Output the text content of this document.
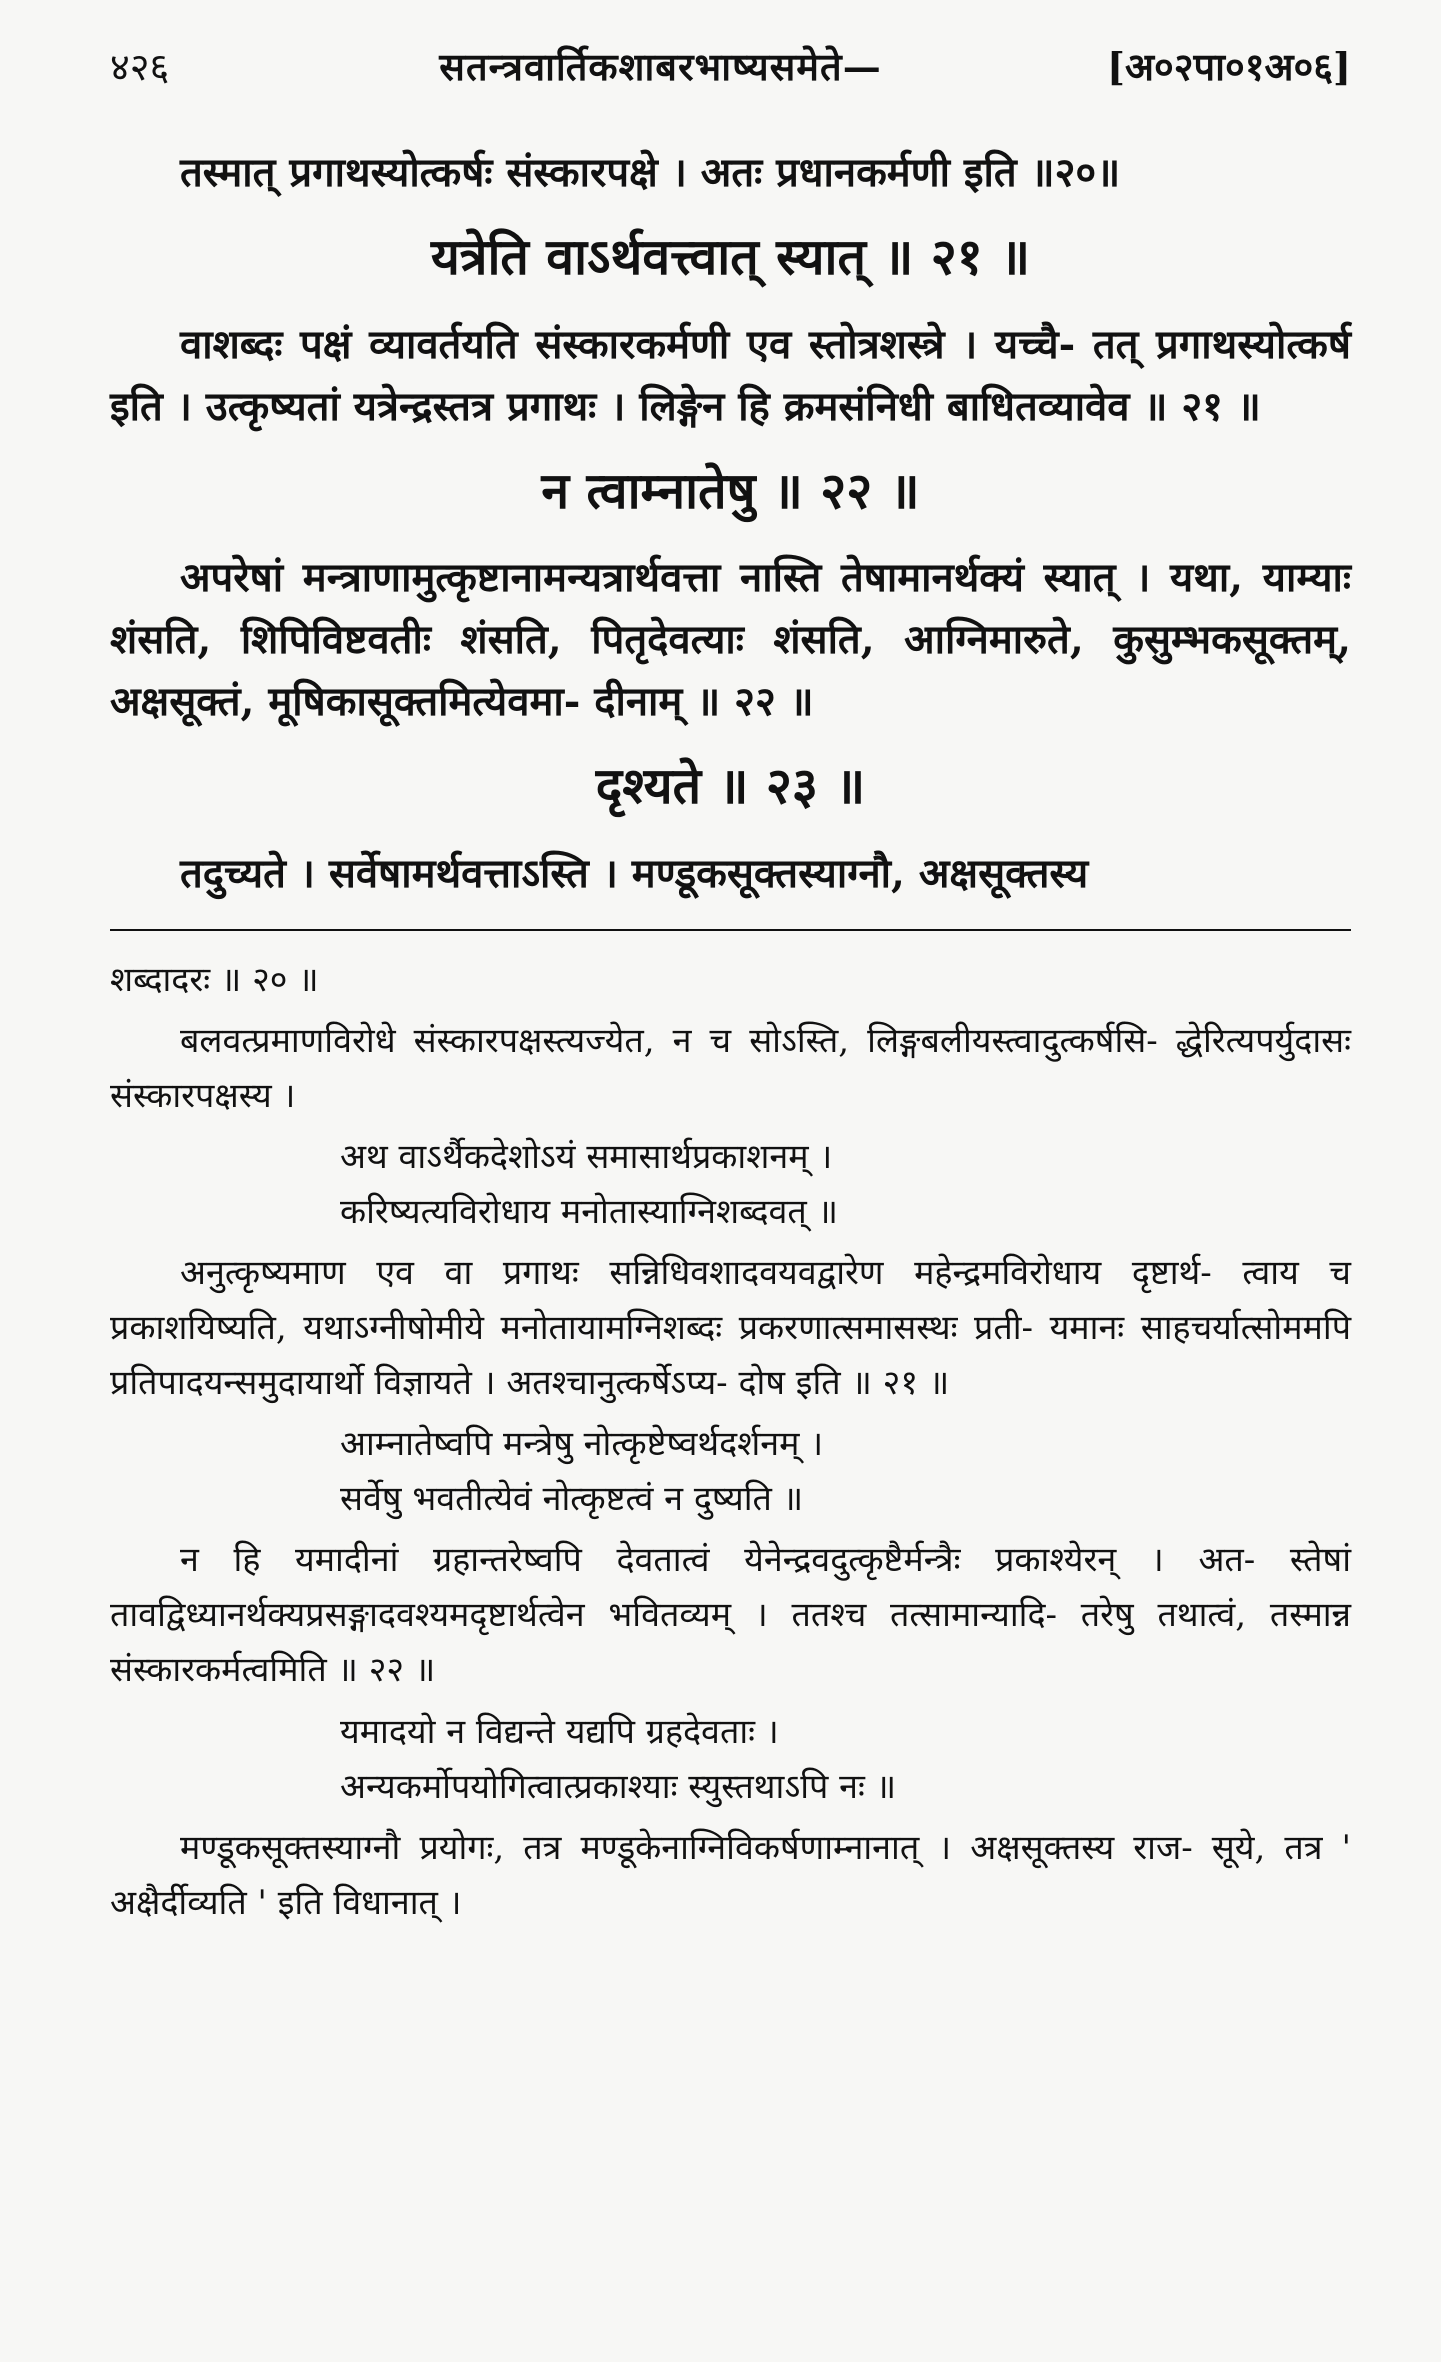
४२६	सतन्त्रवार्तिकशाबरभाष्यसमेते—	[अ०२पा०१अ०६]

तस्मात् प्रगाथस्योत्कर्षः संस्कारपक्षे । अतः प्रधानकर्मणी इति ॥२०॥

यत्रेति वाऽर्थवत्त्वात् स्यात् ॥ २१ ॥

वाशब्दः पक्षं व्यावर्तयति संस्कारकर्मणी एव स्तोत्रशस्त्रे । यच्चै- तत् प्रगाथस्योत्कर्ष इति । उत्कृष्यतां यत्रेन्द्रस्तत्र प्रगाथः । लिङ्गेन हि क्रमसंनिधी बाधितव्यावेव ॥ २१ ॥

न त्वाम्नातेषु ॥ २२ ॥

अपरेषां मन्त्राणामुत्कृष्टानामन्यत्रार्थवत्ता नास्ति तेषामानर्थक्यं स्यात् । यथा, याम्याः शंसति, शिपिविष्टवतीः शंसति, पितृदेवत्याः शंसति, आग्निमारुते, कुसुम्भकसूक्तम्, अक्षसूक्तं, मूषिकासूक्तमित्येवमा- दीनाम् ॥ २२ ॥

दृश्यते ॥ २३ ॥

तदुच्यते । सर्वेषामर्थवत्ताऽस्ति । मण्डूकसूक्तस्याग्नौ, अक्षसूक्तस्य

शब्दादरः ॥ २० ॥

बलवत्प्रमाणविरोधे संस्कारपक्षस्त्यज्येत, न च सोऽस्ति, लिङ्गबलीयस्त्वादुत्कर्षसि- द्धेरित्यपर्युदासः संस्कारपक्षस्य ।

अथ वाऽर्थैकदेशोऽयं समासार्थप्रकाशनम् ।
करिष्यत्यविरोधाय मनोतास्याग्निशब्दवत् ॥

अनुत्कृष्यमाण एव वा प्रगाथः सन्निधिवशादवयवद्वारेण महेन्द्रमविरोधाय दृष्टार्थ- त्वाय च प्रकाशयिष्यति, यथाऽग्नीषोमीये मनोतायामग्निशब्दः प्रकरणात्समासस्थः प्रती- यमानः साहचर्यात्सोममपि प्रतिपादयन्समुदायार्थो विज्ञायते । अतश्चानुत्कर्षेऽप्य- दोष इति ॥ २१ ॥

आम्नातेष्वपि मन्त्रेषु नोत्कृष्टेष्वर्थदर्शनम् ।
सर्वेषु भवतीत्येवं नोत्कृष्टत्वं न दुष्यति ॥

न हि यमादीनां ग्रहान्तरेष्वपि देवतात्वं येनेन्द्रवदुत्कृष्टैर्मन्त्रैः प्रकाश्येरन् । अत- स्तेषां तावद्विध्यानर्थक्यप्रसङ्गादवश्यमदृष्टार्थत्वेन भवितव्यम् । ततश्च तत्सामान्यादि- तरेषु तथात्वं, तस्मान्न संस्कारकर्मत्वमिति ॥ २२ ॥

यमादयो न विद्यन्ते यद्यपि ग्रहदेवताः ।
अन्यकर्मोपयोगित्वात्प्रकाश्याः स्युस्तथाऽपि नः ॥

मण्डूकसूक्तस्याग्नौ प्रयोगः, तत्र मण्डूकेनाग्निविकर्षणाम्नानात् । अक्षसूक्तस्य राज- सूये, तत्र ' अक्षैर्दीव्यति ' इति विधानात् ।
